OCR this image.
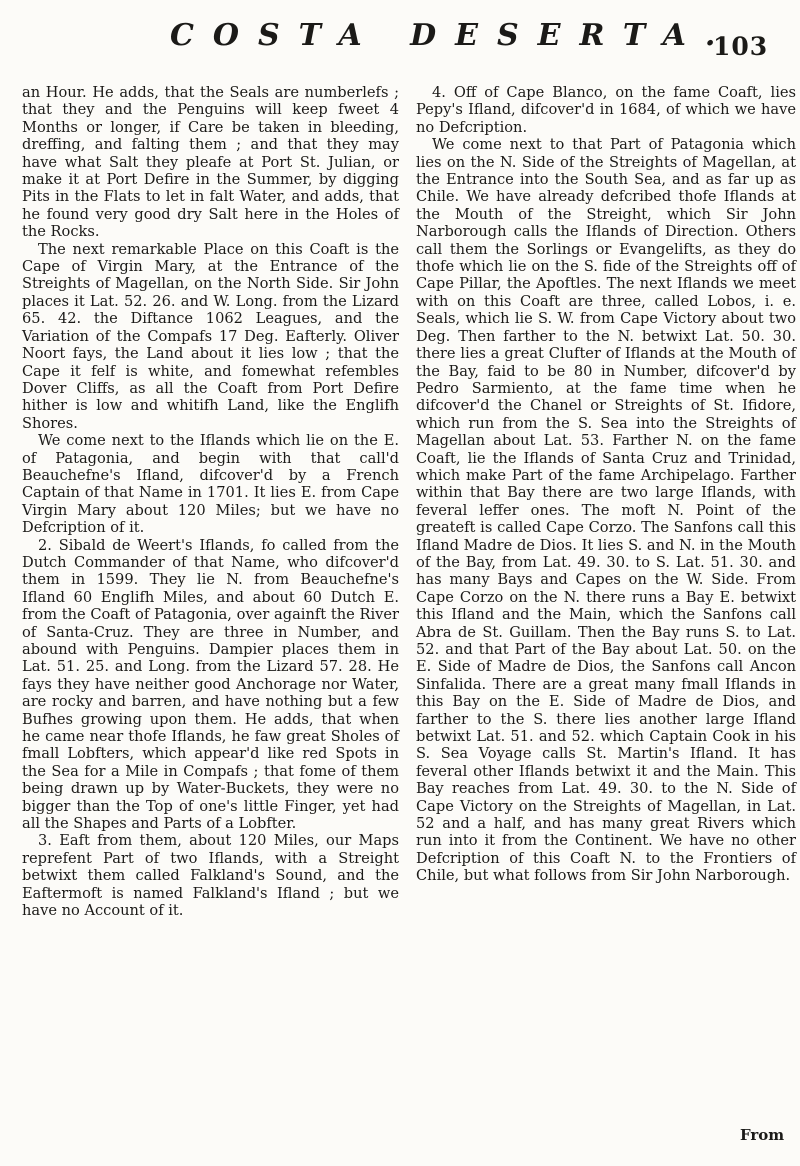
COSTA DESERTA.
103

an Hour. He adds, that the Seals are numberlefs ; that they and the Penguins will keep fweet 4 Months or longer, if Care be taken in bleeding, dreffing, and falting them ; and that they may have what Salt they pleafe at Port St. Julian, or make it at Port Defire in the Summer, by digging Pits in the Flats to let in falt Water, and adds, that he found very good dry Salt here in the Holes of the Rocks.

The next remarkable Place on this Coaft is the Cape of Virgin Mary, at the Entrance of the Streights of Magellan, on the North Side. Sir John places it Lat. 52. 26. and W. Long. from the Lizard 65. 42. the Diftance 1062 Leagues, and the Variation of the Compafs 17 Deg. Eafterly. Oliver Noort fays, the Land about it lies low ; that the Cape it felf is white, and fomewhat refembles Dover Cliffs, as all the Coaft from Port Defire hither is low and whitifh Land, like the Englifh Shores.

We come next to the Iflands which lie on the E. of Patagonia, and begin with that call'd Beauchefne's Ifland, difcover'd by a French Captain of that Name in 1701. It lies E. from Cape Virgin Mary about 120 Miles; but we have no Defcription of it.

2. Sibald de Weert's Iflands, fo called from the Dutch Commander of that Name, who difcover'd them in 1599. They lie N. from Beauchefne's Ifland 60 Englifh Miles, and about 60 Dutch E. from the Coaft of Patagonia, over againft the River of Santa-Cruz. They are three in Number, and abound with Penguins. Dampier places them in Lat. 51. 25. and Long. from the Lizard 57. 28. He fays they have neither good Anchorage nor Water, are rocky and barren, and have nothing but a few Bufhes growing upon them. He adds, that when he came near thofe Iflands, he faw great Sholes of fmall Lobfters, which appear'd like red Spots in the Sea for a Mile in Compafs ; that fome of them being drawn up by Water-Buckets, they were no bigger than the Top of one's little Finger, yet had all the Shapes and Parts of a Lobfter.

3. Eaft from them, about 120 Miles, our Maps reprefent Part of two Iflands, with a Streight betwixt them called Falkland's Sound, and the Eaftermoft is named Falkland's Ifland ; but we have no Account of it.

4. Off of Cape Blanco, on the fame Coaft, lies Pepy's Ifland, difcover'd in 1684, of which we have no Defcription.

We come next to that Part of Patagonia which lies on the N. Side of the Streights of Magellan, at the Entrance into the South Sea, and as far up as Chile. We have already defcribed thofe Iflands at the Mouth of the Streight, which Sir John Narborough calls the Iflands of Direction. Others call them the Sorlings or Evangelifts, as they do thofe which lie on the S. fide of the Streights off of Cape Pillar, the Apoftles. The next Iflands we meet with on this Coaft are three, called Lobos, i. e. Seals, which lie S. W. from Cape Victory about two Deg. Then farther to the N. betwixt Lat. 50. 30. there lies a great Clufter of Iflands at the Mouth of the Bay, faid to be 80 in Number, difcover'd by Pedro Sarmiento, at the fame time when he difcover'd the Chanel or Streights of St. Ifidore, which run from the S. Sea into the Streights of Magellan about Lat. 53. Farther N. on the fame Coaft, lie the Iflands of Santa Cruz and Trinidad, which make Part of the fame Archipelago. Farther within that Bay there are two large Iflands, with feveral leffer ones. The moft N. Point of the greateft is called Cape Corzo. The Sanfons call this Ifland Madre de Dios. It lies S. and N. in the Mouth of the Bay, from Lat. 49. 30. to S. Lat. 51. 30. and has many Bays and Capes on the W. Side. From Cape Corzo on the N. there runs a Bay E. betwixt this Ifland and the Main, which the Sanfons call Abra de St. Guillam. Then the Bay runs S. to Lat. 52. and that Part of the Bay about Lat. 50. on the E. Side of Madre de Dios, the Sanfons call Ancon Sinfalida. There are a great many fmall Iflands in this Bay on the E. Side of Madre de Dios, and farther to the S. there lies another large Ifland betwixt Lat. 51. and 52. which Captain Cook in his S. Sea Voyage calls St. Martin's Ifland. It has feveral other Iflands betwixt it and the Main. This Bay reaches from Lat. 49. 30. to the N. Side of Cape Victory on the Streights of Magellan, in Lat. 52 and a half, and has many great Rivers which run into it from the Continent. We have no other Defcription of this Coaft N. to the Frontiers of Chile, but what follows from Sir John Narborough.

From
